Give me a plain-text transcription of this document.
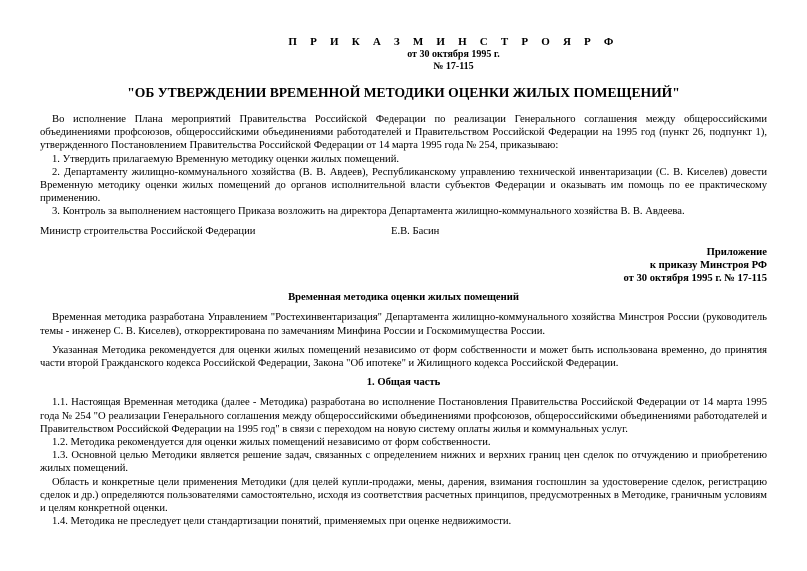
П Р И К А З М И Н С Т Р О Я Р Ф
от 30 октября 1995 г.
№ 17-115
"ОБ УТВЕРЖДЕНИИ ВРЕМЕННОЙ МЕТОДИКИ ОЦЕНКИ ЖИЛЫХ ПОМЕЩЕНИЙ"

Во исполнение Плана мероприятий Правительства Российской Федерации по реализации Генерального соглашения между общероссийскими объединениями профсоюзов, общероссийскими объединениями работодателей и Правительством Российской Федерации на 1995 год (пункт 26, подпункт 1), утвержденного Постановлением Правительства Российской Федерации от 14 марта 1995 года № 254, приказываю:

1. Утвердить прилагаемую Временную методику оценки жилых помещений.

2. Департаменту жилищно-коммунального хозяйства (В. В. Авдеев), Республиканскому управлению технической инвентаризации (С. В. Киселев) довести Временную методику оценки жилых помещений до органов исполнительной власти субъектов Федерации и оказывать им помощь по ее практическому применению.

3. Контроль за выполнением настоящего Приказа возложить на директора Департамента жилищно-коммунального хозяйства В. В. Авдеева.

Министр строительства Российской Федерации	Е.В. Басин
Приложение
к приказу Минстроя РФ
от 30 октября 1995 г. № 17-115
Временная методика оценки жилых помещений

Временная методика разработана Управлением "Ростехинвентаризация" Департамента жилищно-коммунального хозяйства Минстроя России (руководитель темы - инженер С. В. Киселев), откорректирована по замечаниям Минфина России и Госкомимущества России.

Указанная Методика рекомендуется для оценки жилых помещений независимо от форм собственности и может быть использована временно, до принятия части второй Гражданского кодекса Российской Федерации, Закона "Об ипотеке" и Жилищного кодекса Российской Федерации.

1. Общая часть

1.1. Настоящая Временная методика (далее - Методика) разработана во исполнение Постановления Правительства Российской Федерации от 14 марта 1995 года № 254 "О реализации Генерального соглашения между общероссийскими объединениями профсоюзов, общероссийскими объединениями работодателей и Правительством Российской Федерации на 1995 год" в связи с переходом на новую систему оплаты жилья и коммунальных услуг.

1.2. Методика рекомендуется для оценки жилых помещений независимо от форм собственности.

1.3. Основной целью Методики является решение задач, связанных с определением нижних и верхних границ цен сделок по отчуждению и приобретению жилых помещений.

Область и конкретные цели применения Методики (для целей купли-продажи, мены, дарения, взимания госпошлин за удостоверение сделок, регистрацию сделок и др.) определяются пользователями самостоятельно, исходя из соответствия расчетных принципов, предусмотренных в Методике, граничным условиям и целям конкретной оценки.

1.4. Методика не преследует цели стандартизации понятий, применяемых при оценке недвижимости.
